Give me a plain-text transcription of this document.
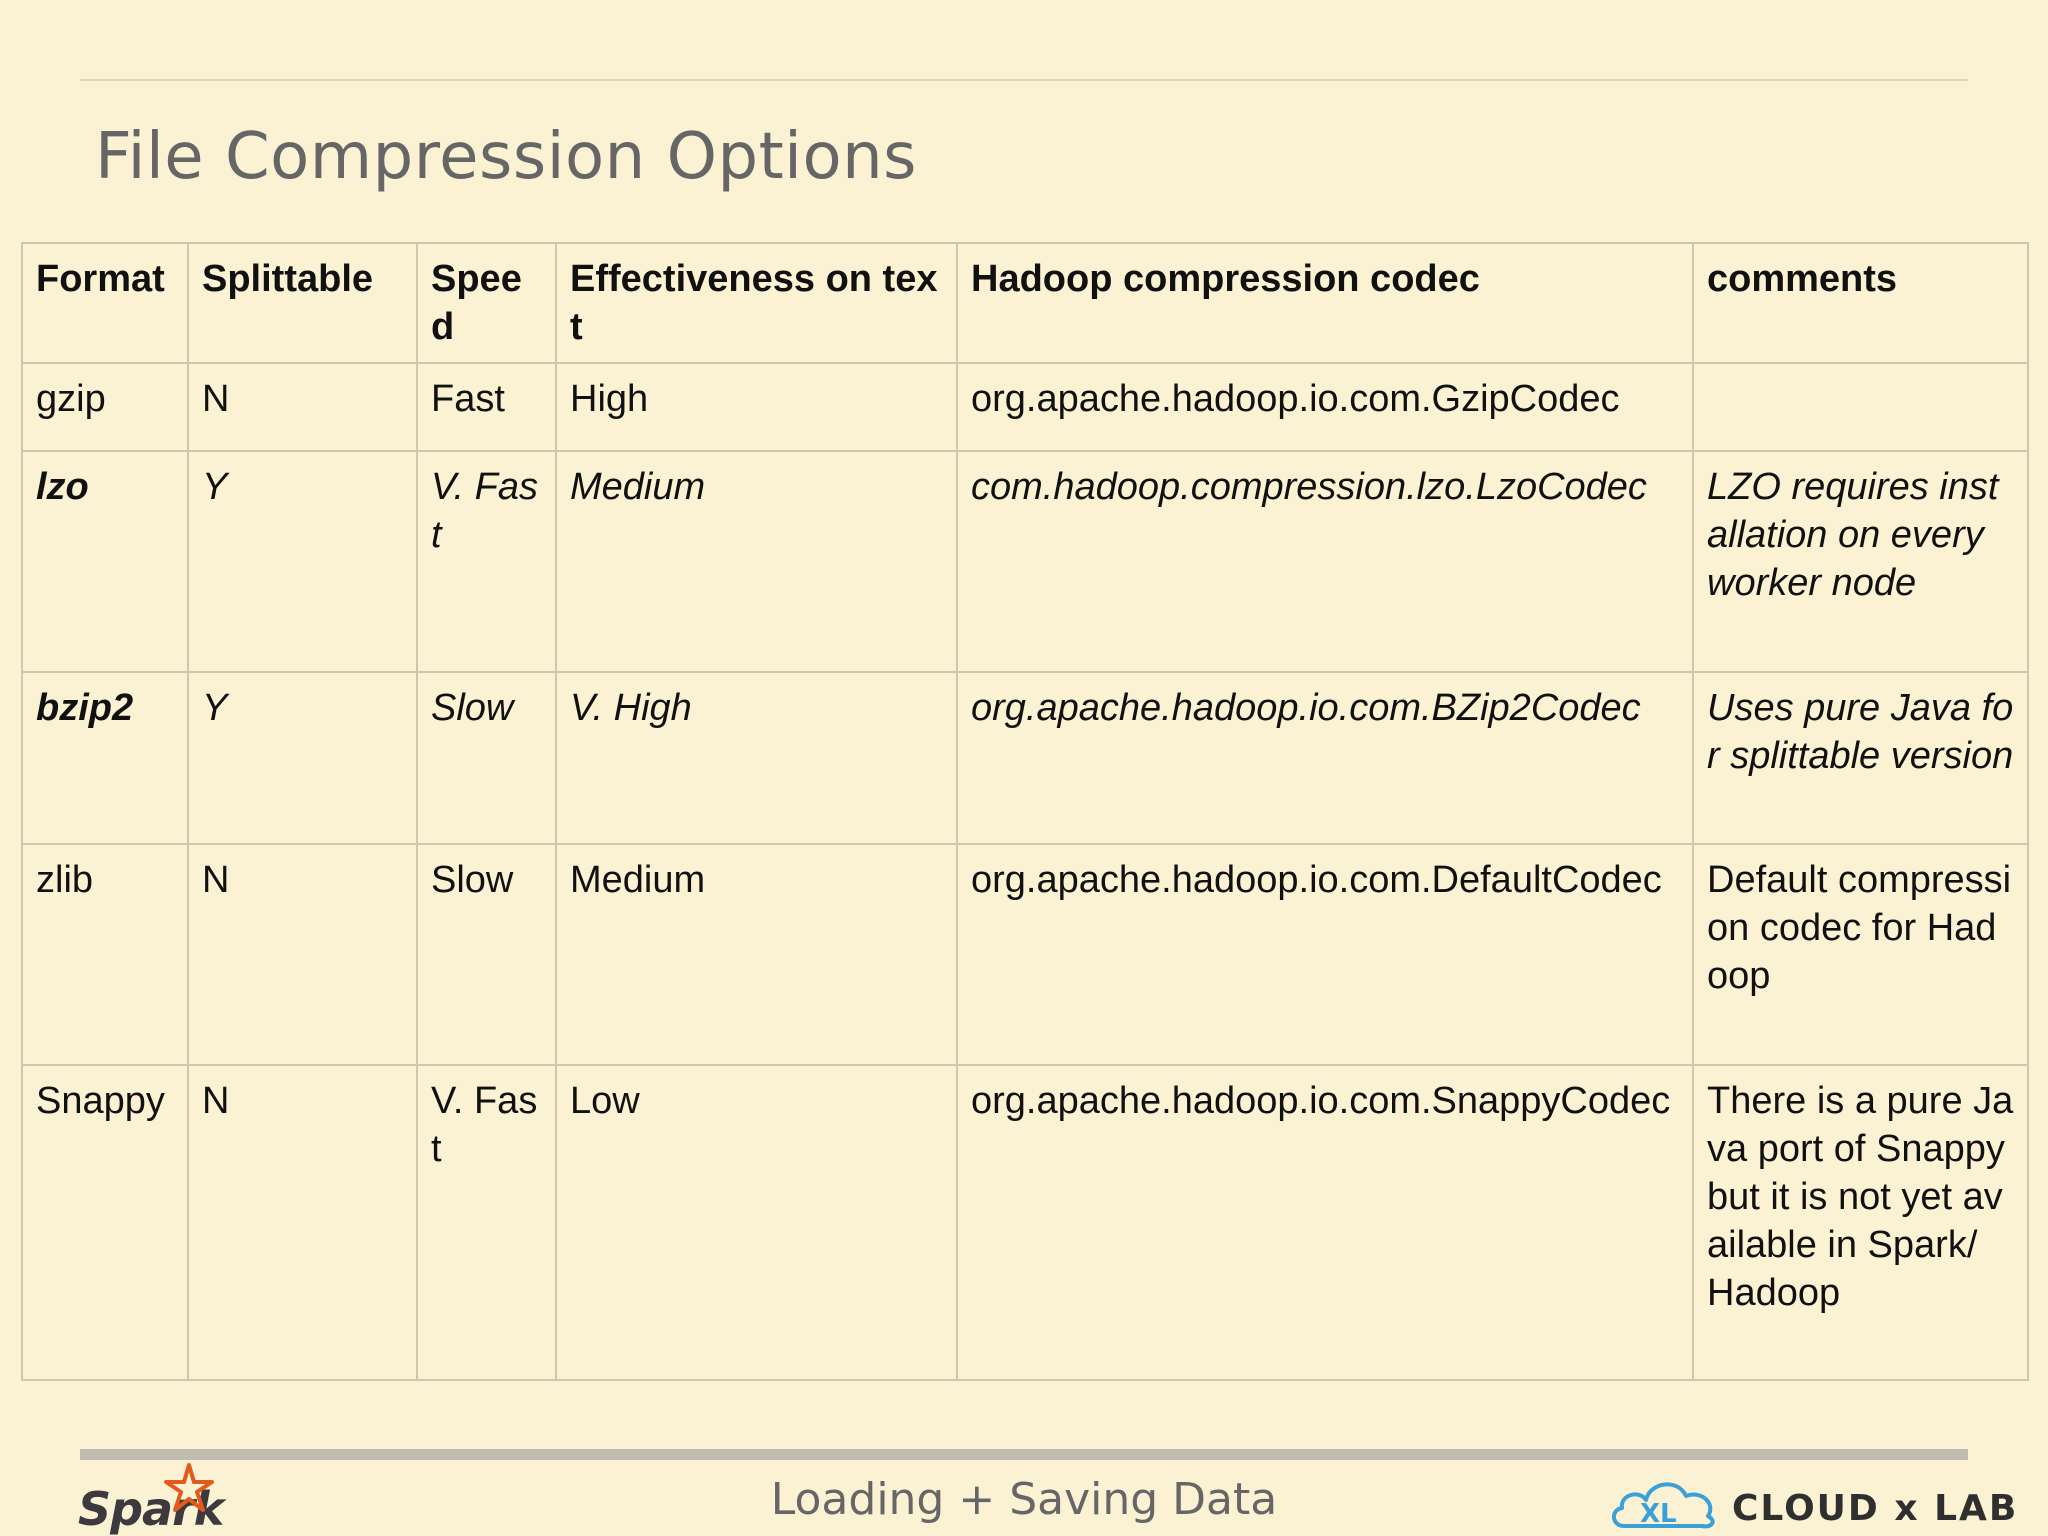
File Compression Options
Format	Splittable	Spee d	Effectiveness on text	Hadoop compression codec	comments
gzip	N	Fast	High	org.apache.hadoop.io.com.GzipCodec	
lzo	Y	V. Fast	Medium	com.hadoop.compression.lzo.LzoCodec	LZO requires installation on every worker node
bzip2	Y	Slow	V. High	org.apache.hadoop.io.com.BZip2Codec	Uses pure Java for splittable version
zlib	N	Slow	Medium	org.apache.hadoop.io.com.DefaultCodec	Default compression codec for Hadoop
Snappy	N	V. Fast	Low	org.apache.hadoop.io.com.SnappyCodec	There is a pure Java port of Snappy but it is not yet available in Spark/ Hadoop
Spark	Loading + Saving Data	XL CLOUD x LAB
